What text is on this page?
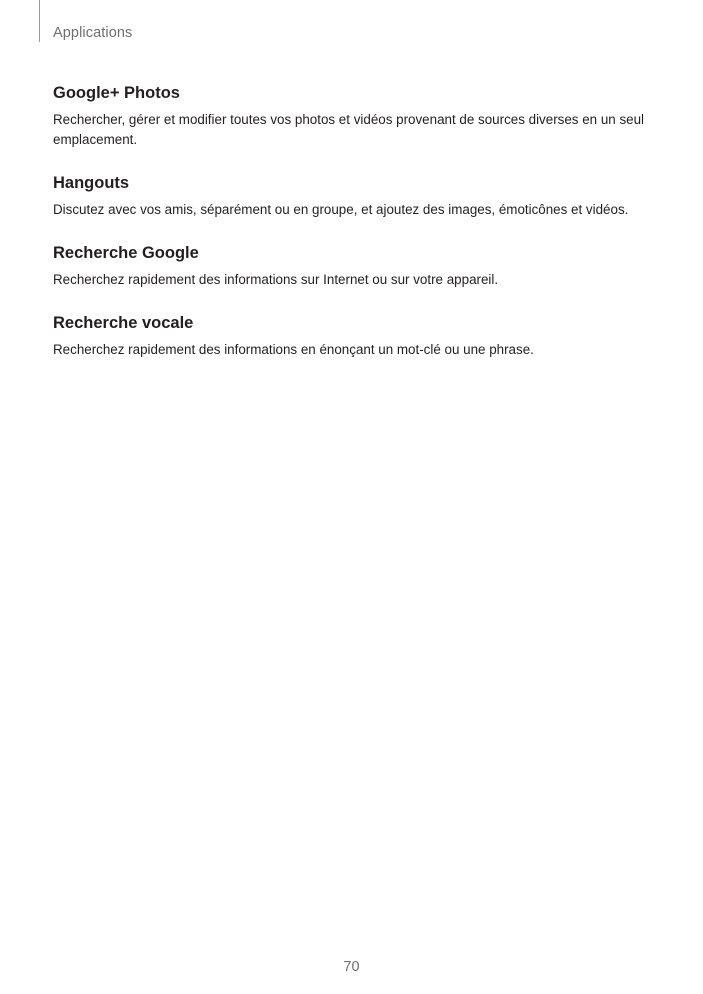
Applications
Google+ Photos

Rechercher, gérer et modifier toutes vos photos et vidéos provenant de sources diverses en un seul emplacement.

Hangouts

Discutez avec vos amis, séparément ou en groupe, et ajoutez des images, émoticônes et vidéos.

Recherche Google

Recherchez rapidement des informations sur Internet ou sur votre appareil.

Recherche vocale

Recherchez rapidement des informations en énonçant un mot-clé ou une phrase.

70
